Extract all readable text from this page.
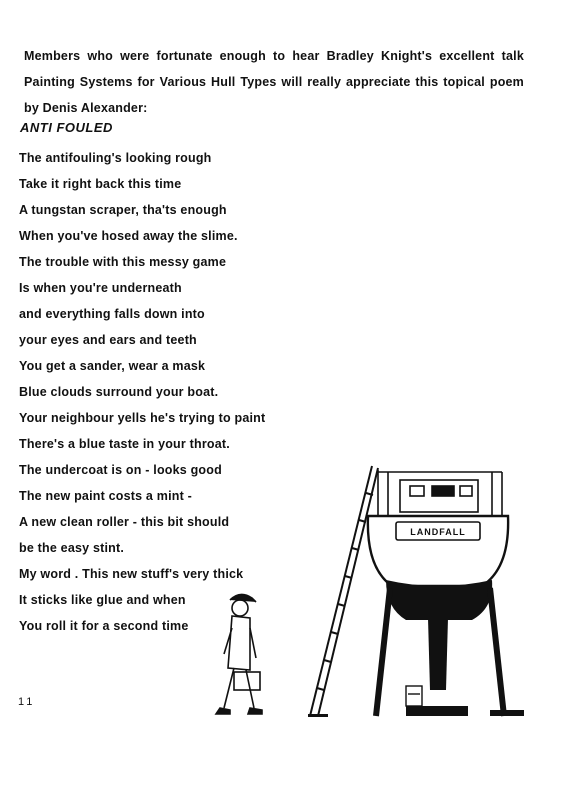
Members who were fortunate enough to hear Bradley Knight's excellent talk Painting Systems for Various Hull Types will really appreciate this topical poem by Denis Alexander:

ANTI FOULED
The antifouling's looking rough
Take it right back this time
A tungstan scraper, tha'ts enough
When you've hosed away the slime.
The trouble with this messy game
Is when you're underneath
and everything falls down into
your eyes and ears and teeth
You get a sander, wear a mask
Blue clouds surround your boat.
Your neighbour yells he's trying to paint
There's a blue taste in your throat.
The undercoat is on - looks good
The new paint costs a mint -
A new clean roller - this bit should
be the easy stint.
My word . This new stuff's very thick
It sticks like glue and when
You roll it for a second time
LANDFALL
11
